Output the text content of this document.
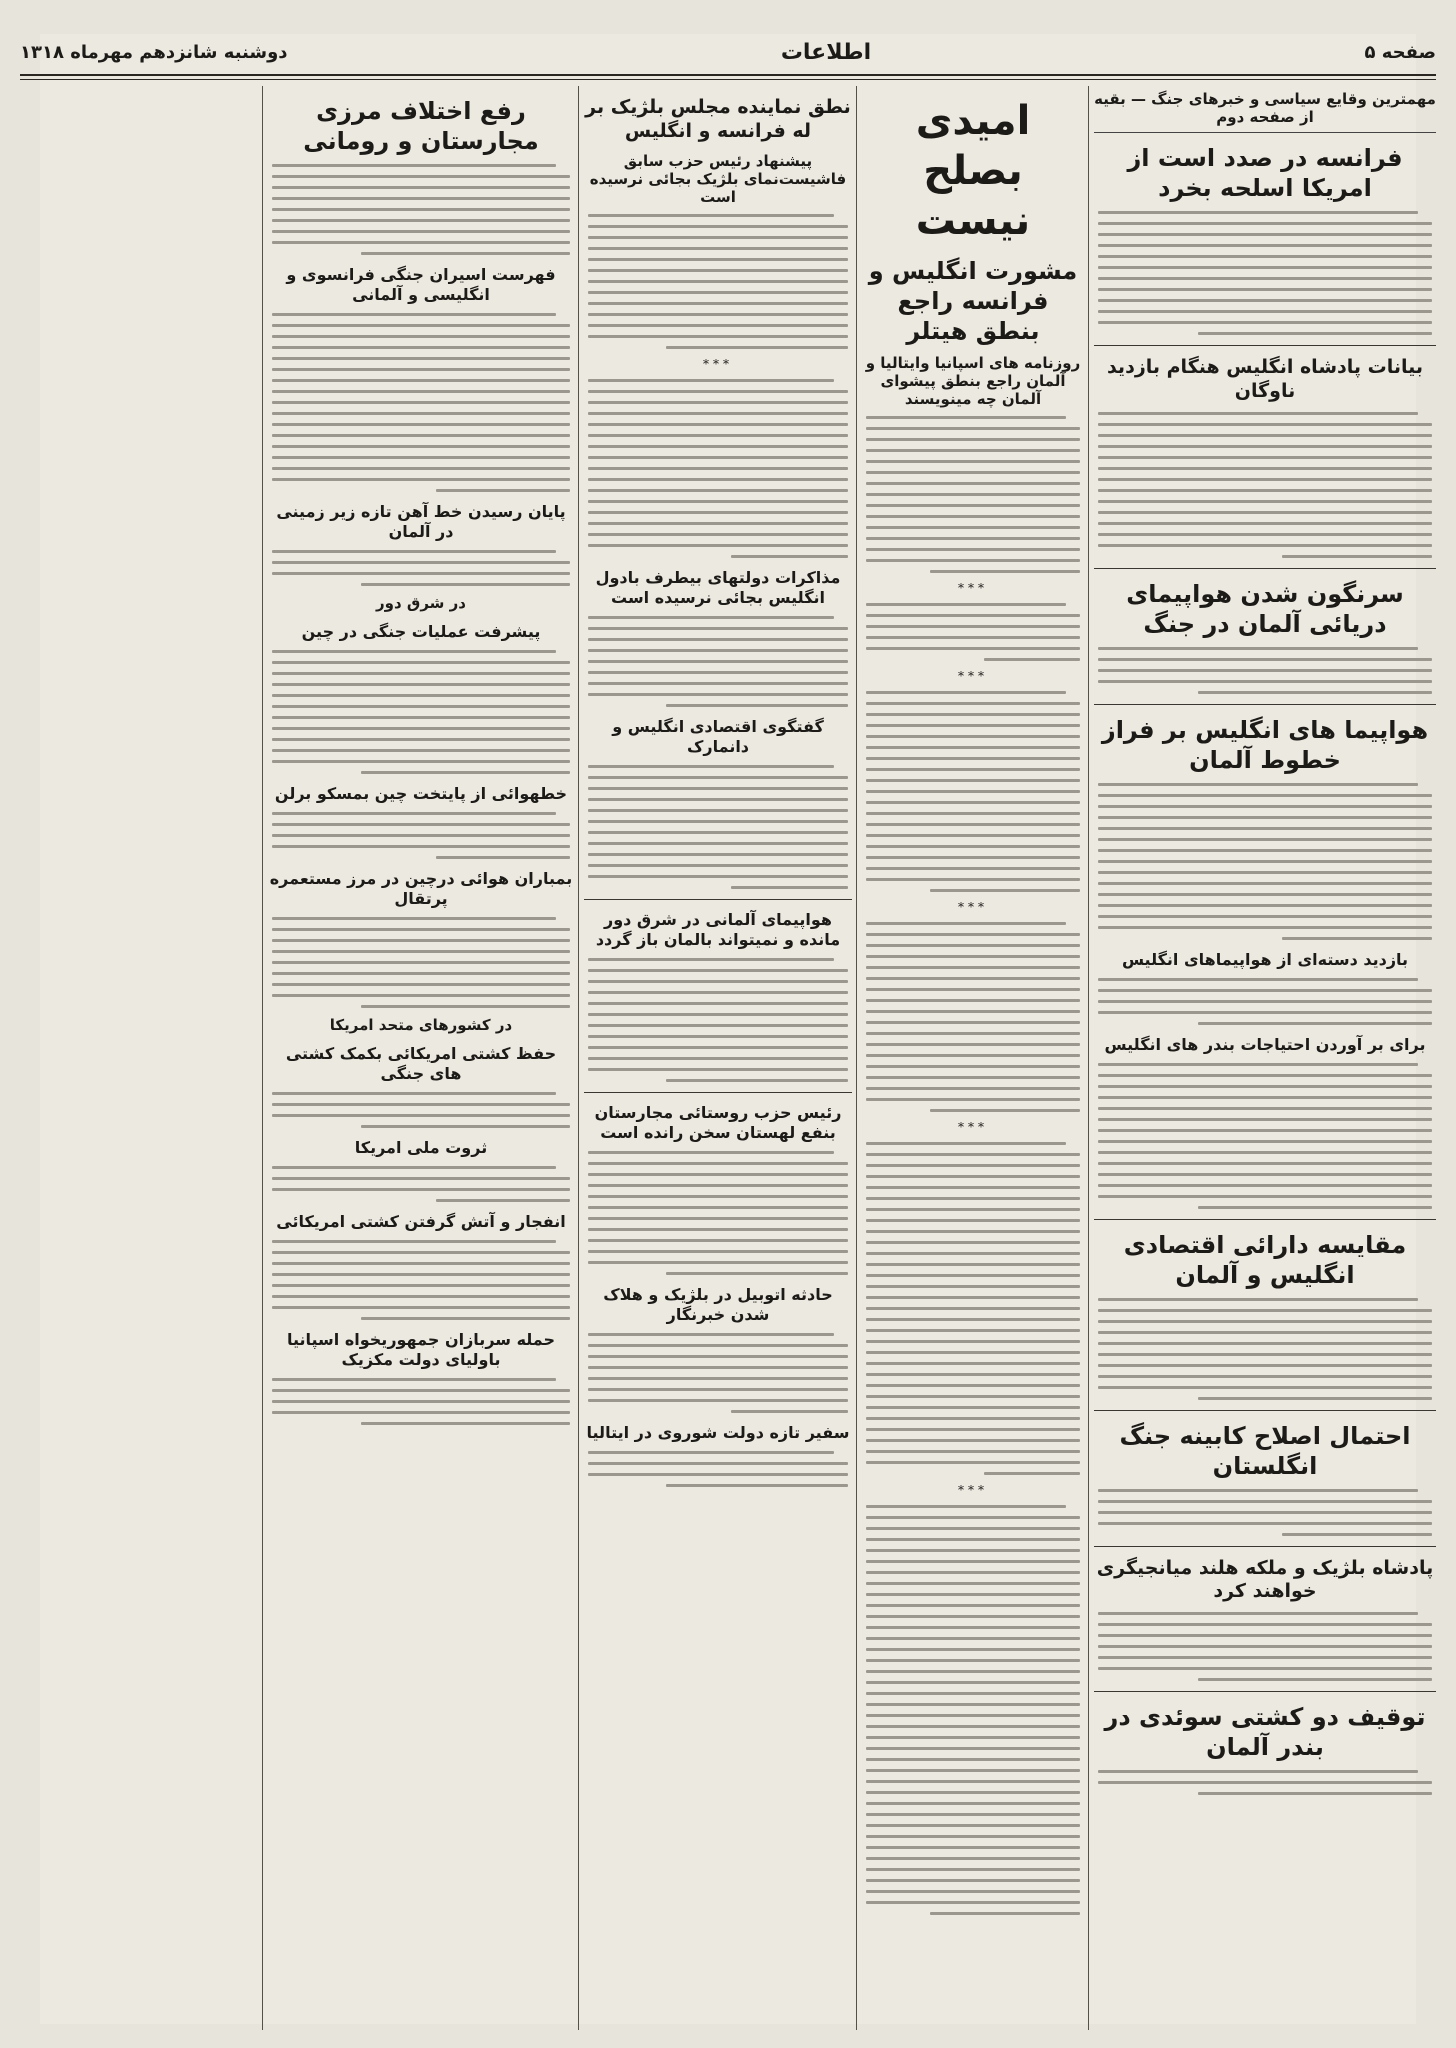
صفحه ۵
اطلاعات
دوشنبه شانزدهم مهرماه ۱۳۱۸
مهمترین وقایع سیاسی و خبرهای جنگ — بقیه از صفحه دوم
فرانسه در صدد است از امریکا اسلحه بخرد
بیانات پادشاه انگلیس هنگام بازدید ناوگان
سرنگون شدن هواپیمای دریائی آلمان در جنگ
هواپیما های انگلیس بر فراز خطوط آلمان
بازدید دسته‌ای از هواپیماهای انگلیس
برای بر آوردن احتیاجات بندر های انگلیس
مقایسه دارائی اقتصادی انگلیس و آلمان
احتمال اصلاح کابینه جنگ انگلستان
پادشاه بلژیک و ملکه هلند میانجیگری خواهند کرد
توقیف دو کشتی سوئدی در بندر آلمان
امیدی بصلح نیست
مشورت انگلیس و فرانسه راجع بنطق هیتلر
روزنامه های اسپانیا وایتالیا و آلمان راجع بنطق پیشوای آلمان چه مینویسند
***
***
***
***
***
نطق نماینده مجلس بلژیک بر له فرانسه و انگلیس
پیشنهاد رئیس حزب سابق فاشیست‌نمای بلژیک بجائی نرسیده است
***
مذاکرات دولتهای بیطرف بادول انگلیس بجائی نرسیده است
گفتگوی اقتصادی انگلیس و دانمارک
هواپیمای آلمانی در شرق دور مانده و نمیتواند بالمان باز گردد
رئیس حزب روستائی مجارستان بنفع لهستان سخن رانده است
حادثه اتوبیل در بلژیک و هلاک شدن خبرنگار
سفیر تازه دولت شوروی در ایتالیا
رفع اختلاف مرزی مجارستان و رومانی
فهرست اسیران جنگی فرانسوی و انگلیسی و آلمانی
پایان رسیدن خط آهن تازه زیر زمینی در آلمان
در شرق دور
پیشرفت عملیات جنگی در چین
خطهوائی از پایتخت چین بمسکو برلن
بمباران هوائی درچین در مرز مستعمره پرتقال
در کشورهای متحد امریکا
حفظ کشتی امریکائی بکمک کشتی های جنگی
ثروت ملی امریکا
انفجار و آتش گرفتن کشتی امریکائی
حمله سربازان جمهوریخواه اسپانیا باولیای دولت مکزیک
